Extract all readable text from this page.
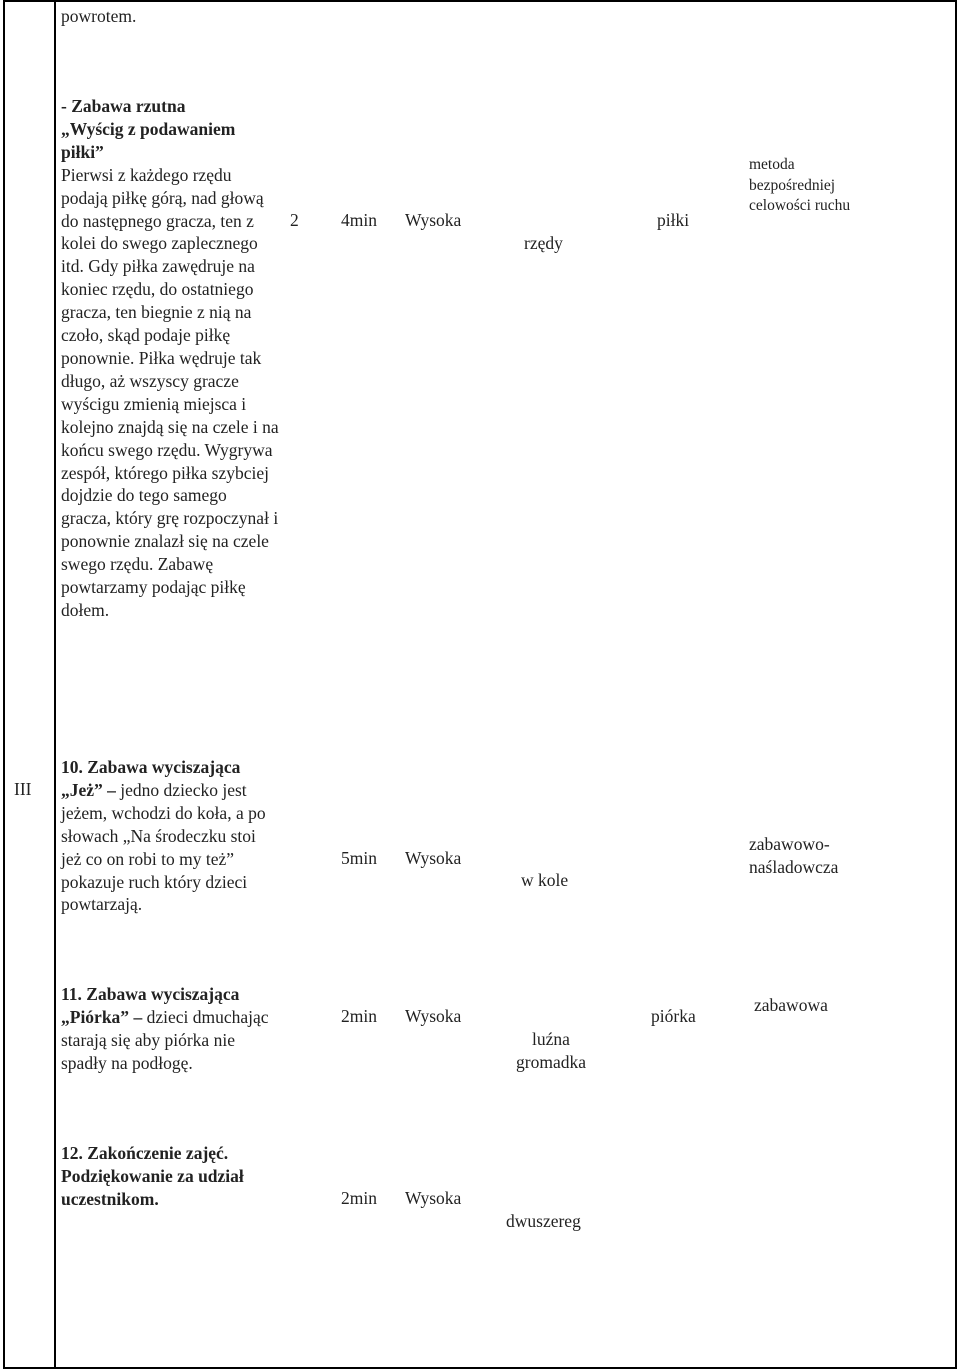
powrotem.
- Zabawa rzutna
„Wyścig z podawaniem piłki”
Pierwsi z każdego rzędu podają piłkę górą, nad głową do następnego gracza, ten z kolei do swego zaplecznego itd. Gdy piłka zawędruje na koniec rzędu, do ostatniego gracza, ten biegnie z nią na czoło, skąd podaje piłkę ponownie. Piłka wędruje tak długo, aż wszyscy gracze wyścigu zmienią miejsca i kolejno znajdą się na czele i na końcu swego rzędu. Wygrywa zespół, którego piłka szybciej dojdzie do tego samego gracza, który grę rozpoczynał i ponownie znalazł się na czele swego rzędu. Zabawę powtarzamy podając piłkę dołem.
2 4min Wysoka
rzędy
piłki
metoda bezpośredniej celowości ruchu
III
10. Zabawa wyciszająca
„Jeż” – jedno dziecko jest jeżem, wchodzi do koła, a po słowach „Na środeczku stoi jeż co on robi to my też” pokazuje ruch który dzieci powtarzają.
5min Wysoka
w kole
zabawowo-naśladowcza
11. Zabawa wyciszająca
„Piórka” – dzieci dmuchając starają się aby piórka nie spadły na podłogę.
2min Wysoka
luźna gromadka
piórka
zabawowa
12. Zakończenie zajęć. Podziękowanie za udział uczestnikom.	2min Wysoka
dwuszereg
